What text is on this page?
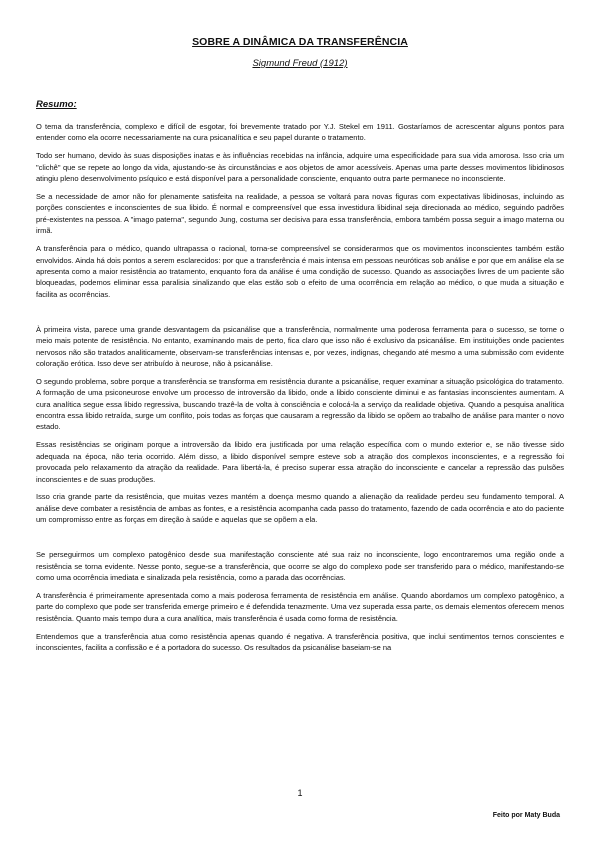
SOBRE A DINÂMICA DA TRANSFERÊNCIA
Sigmund Freud (1912)
Resumo:

O tema da transferência, complexo e difícil de esgotar, foi brevemente tratado por Y.J. Stekel em 1911. Gostaríamos de acrescentar alguns pontos para entender como ela ocorre necessariamente na cura psicanalítica e seu papel durante o tratamento.

Todo ser humano, devido às suas disposições inatas e às influências recebidas na infância, adquire uma especificidade para sua vida amorosa. Isso cria um "clichê" que se repete ao longo da vida, ajustando-se às circunstâncias e aos objetos de amor acessíveis. Apenas uma parte desses movimentos libidinosos atingiu pleno desenvolvimento psíquico e está disponível para a personalidade consciente, enquanto outra parte permanece no inconsciente.

Se a necessidade de amor não for plenamente satisfeita na realidade, a pessoa se voltará para novas figuras com expectativas libidinosas, incluindo as porções conscientes e inconscientes de sua libido. É normal e compreensível que essa investidura libidinal seja direcionada ao médico, seguindo padrões pré-existentes na pessoa. A "imago paterna", segundo Jung, costuma ser decisiva para essa transferência, embora também possa seguir a imago materna ou irmã.

A transferência para o médico, quando ultrapassa o racional, torna-se compreensível se considerarmos que os movimentos inconscientes também estão envolvidos. Ainda há dois pontos a serem esclarecidos: por que a transferência é mais intensa em pessoas neuróticas sob análise e por que em análise ela se apresenta como a maior resistência ao tratamento, enquanto fora da análise é uma condição de sucesso. Quando as associações livres de um paciente são bloqueadas, podemos eliminar essa paralisia sinalizando que elas estão sob o efeito de uma ocorrência em relação ao médico, o que muda a situação e facilita as ocorrências.

À primeira vista, parece uma grande desvantagem da psicanálise que a transferência, normalmente uma poderosa ferramenta para o sucesso, se torne o meio mais potente de resistência. No entanto, examinando mais de perto, fica claro que isso não é exclusivo da psicanálise. Em instituições onde pacientes nervosos não são tratados analiticamente, observam-se transferências intensas e, por vezes, indignas, chegando até mesmo a uma submissão com evidente coloração erótica. Isso deve ser atribuído à neurose, não à psicanálise.

O segundo problema, sobre porque a transferência se transforma em resistência durante a psicanálise, requer examinar a situação psicológica do tratamento. A formação de uma psiconeurose envolve um processo de introversão da libido, onde a libido consciente diminui e as fantasias inconscientes aumentam. A cura analítica segue essa libido regressiva, buscando trazê-la de volta à consciência e colocá-la a serviço da realidade objetiva. Quando a pesquisa analítica encontra essa libido retraída, surge um conflito, pois todas as forças que causaram a regressão da libido se opõem ao trabalho de análise para manter o novo estado.

Essas resistências se originam porque a introversão da libido era justificada por uma relação específica com o mundo exterior e, se não tivesse sido adequada na época, não teria ocorrido. Além disso, a libido disponível sempre esteve sob a atração dos complexos inconscientes, e a regressão foi provocada pelo relaxamento da atração da realidade. Para libertá-la, é preciso superar essa atração do inconsciente e cancelar a repressão das pulsões inconscientes e de suas produções.

Isso cria grande parte da resistência, que muitas vezes mantém a doença mesmo quando a alienação da realidade perdeu seu fundamento temporal. A análise deve combater a resistência de ambas as fontes, e a resistência acompanha cada passo do tratamento, fazendo de cada ocorrência e ato do paciente um compromisso entre as forças em direção à saúde e aquelas que se opõem a ela.

Se perseguirmos um complexo patogênico desde sua manifestação consciente até sua raiz no inconsciente, logo encontraremos uma região onde a resistência se torna evidente. Nesse ponto, segue-se a transferência, que ocorre se algo do complexo pode ser transferido para o médico, manifestando-se como uma ocorrência imediata e sinalizada pela resistência, como a parada das ocorrências.

A transferência é primeiramente apresentada como a mais poderosa ferramenta de resistência em análise. Quando abordamos um complexo patogênico, a parte do complexo que pode ser transferida emerge primeiro e é defendida tenazmente. Uma vez superada essa parte, os demais elementos oferecem menos resistência. Quanto mais tempo dura a cura analítica, mais transferência é usada como forma de resistência.

Entendemos que a transferência atua como resistência apenas quando é negativa. A transferência positiva, que inclui sentimentos ternos conscientes e inconscientes, facilita a confissão e é a portadora do sucesso. Os resultados da psicanálise baseiam-se na

1
Feito por Maty Buda
